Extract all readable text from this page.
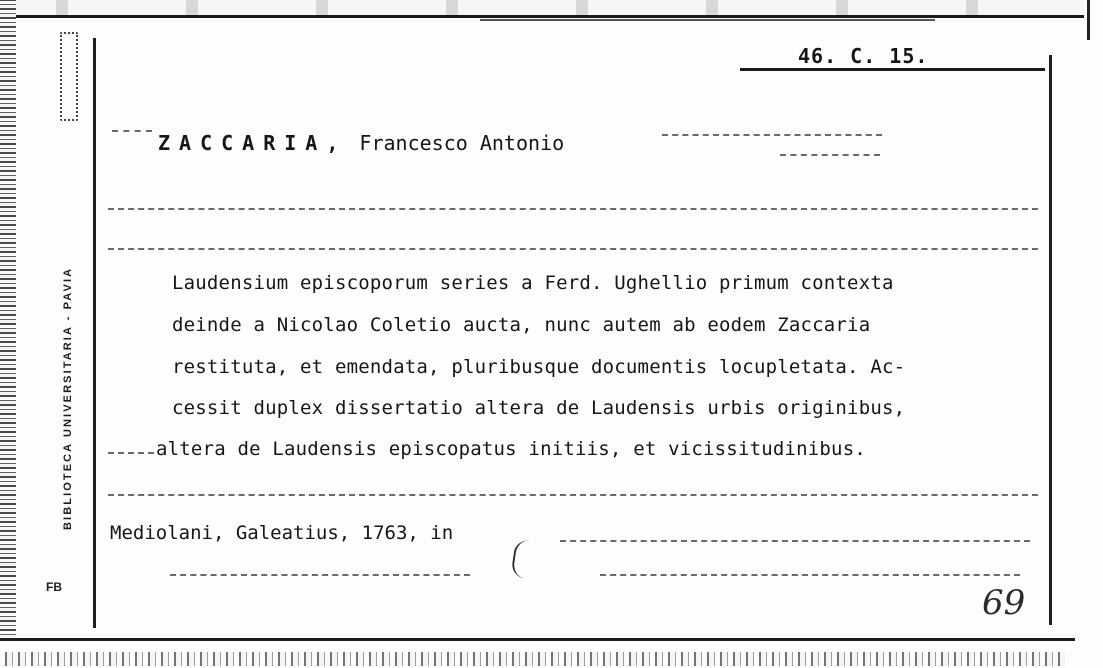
BIBLIOTECA UNIVERSITARIA - PAVIA
FB
46. C. 15.
ZACCARIA, Francesco Antonio
Laudensium episcoporum series a Ferd. Ughellio primum contexta
deinde a Nicolao Coletio aucta, nunc autem ab eodem Zaccaria
restituta, et emendata, pluribusque documentis locupletata. Ac-
cessit duplex dissertatio altera de Laudensis urbis originibus,
altera de Laudensis episcopatus initiis, et vicissitudinibus.
Mediolani, Galeatius, 1763, in
69
